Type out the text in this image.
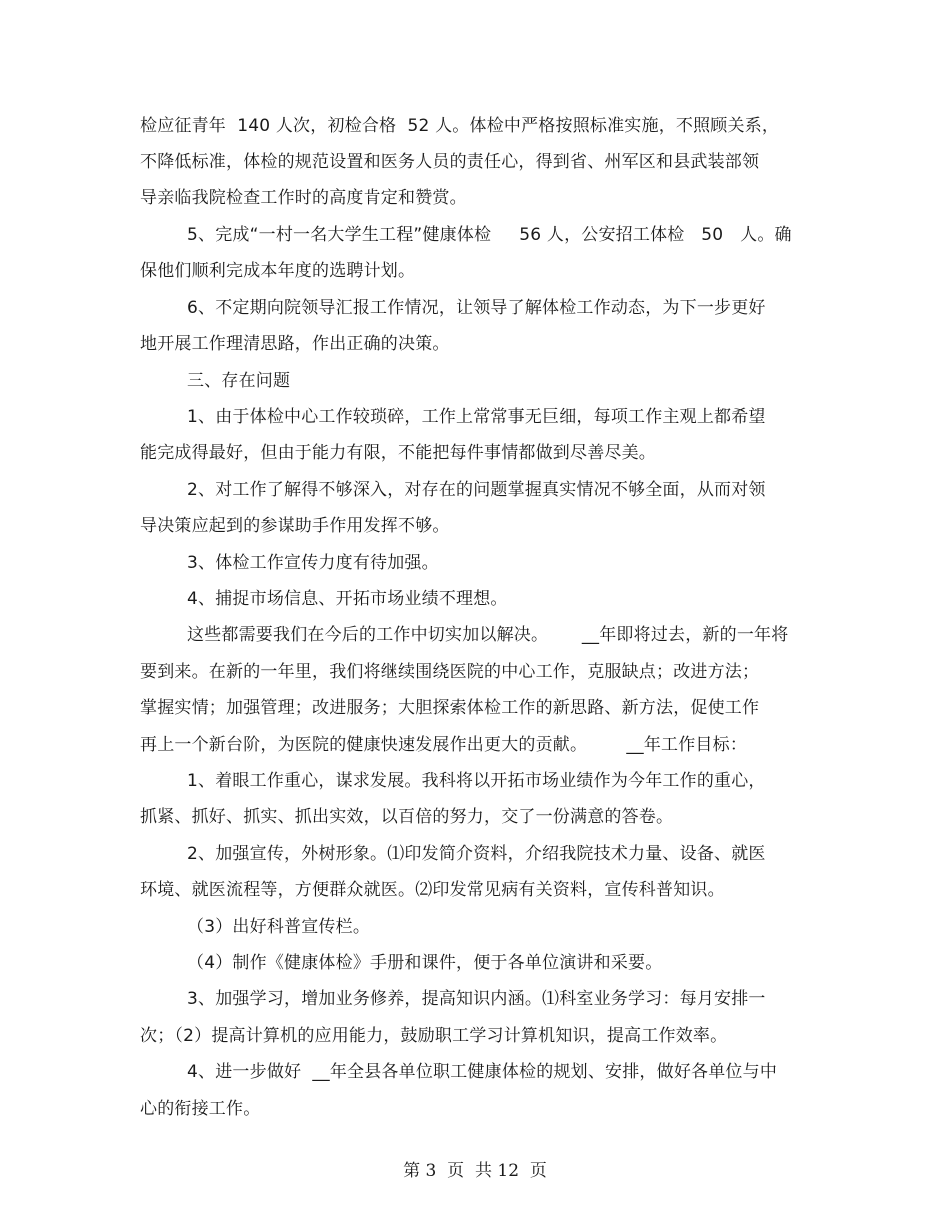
检应征青年  140 人次，初检合格  52 人。体检中严格按照标准实施，不照顾关系，
不降低标准，体检的规范设置和医务人员的责任心，得到省、州军区和县武装部领
导亲临我院检查工作时的高度肯定和赞赏。
5、完成“一村一名大学生工程”健康体检     56 人，公安招工体检   50   人。确
保他们顺利完成本年度的选聘计划。
6、不定期向院领导汇报工作情况，让领导了解体检工作动态，为下一步更好
地开展工作理清思路，作出正确的决策。
三、存在问题
1、由于体检中心工作较琐碎，工作上常常事无巨细，每项工作主观上都希望
能完成得最好，但由于能力有限，不能把每件事情都做到尽善尽美。
2、对工作了解得不够深入，对存在的问题掌握真实情况不够全面，从而对领
导决策应起到的参谋助手作用发挥不够。
3、体检工作宣传力度有待加强。
4、捕捉市场信息、开拓市场业绩不理想。
这些都需要我们在今后的工作中切实加以解决。      __年即将过去，新的一年将
要到来。在新的一年里，我们将继续围绕医院的中心工作，克服缺点；改进方法；
掌握实情；加强管理；改进服务；大胆探索体检工作的新思路、新方法，促使工作
再上一个新台阶，为医院的健康快速发展作出更大的贡献。       __年工作目标：
1、着眼工作重心，谋求发展。我科将以开拓市场业绩作为今年工作的重心，
抓紧、抓好、抓实、抓出实效，以百倍的努力，交了一份满意的答卷。
2、加强宣传，外树形象。⑴印发简介资料，介绍我院技术力量、设备、就医
环境、就医流程等，方便群众就医。⑵印发常见病有关资料，宣传科普知识。
（3）出好科普宣传栏。
（4）制作《健康体检》手册和课件，便于各单位演讲和采要。
3、加强学习，增加业务修养，提高知识内涵。⑴科室业务学习：每月安排一
次；（2）提高计算机的应用能力，鼓励职工学习计算机知识，提高工作效率。
4、进一步做好  __年全县各单位职工健康体检的规划、安排，做好各单位与中
心的衔接工作。
第 3  页  共 12  页
